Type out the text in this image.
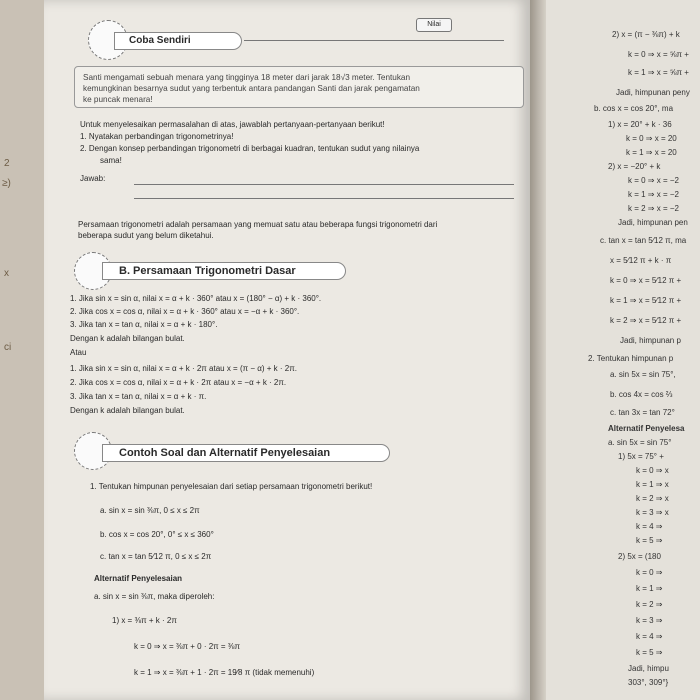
2
≥)
x
ci
Coba Sendiri
Nilai
Santi mengamati sebuah menara yang tingginya 18 meter dari jarak 18√3 meter. Tentukan
kemungkinan besarnya sudut yang terbentuk antara pandangan Santi dan jarak pengamatan
ke puncak menara!
Untuk menyelesaikan permasalahan di atas, jawablah pertanyaan-pertanyaan berikut!
1. Nyatakan perbandingan trigonometrinya!
2. Dengan konsep perbandingan trigonometri di berbagai kuadran, tentukan sudut yang nilainya
sama!
Jawab:
Persamaan trigonometri adalah persamaan yang memuat satu atau beberapa fungsi trigonometri dari
beberapa sudut yang belum diketahui.
B. Persamaan Trigonometri Dasar
1. Jika sin x = sin α, nilai x = α + k · 360° atau x = (180° − α) + k · 360°.
2. Jika cos x = cos α, nilai x = α + k · 360° atau x = −α + k · 360°.
3. Jika tan x = tan α, nilai x = α + k · 180°.
Dengan k adalah bilangan bulat.
Atau
1. Jika sin x = sin α, nilai x = α + k · 2π atau x = (π − α) + k · 2π.
2. Jika cos x = cos α, nilai x = α + k · 2π atau x = −α + k · 2π.
3. Jika tan x = tan α, nilai x = α + k · π.
Dengan k adalah bilangan bulat.
Contoh Soal dan Alternatif Penyelesaian
1. Tentukan himpunan penyelesaian dari setiap persamaan trigonometri berikut!
a. sin x = sin ⅜π, 0 ≤ x ≤ 2π
b. cos x = cos 20°, 0° ≤ x ≤ 360°
c. tan x = tan 5⁄12 π, 0 ≤ x ≤ 2π
Alternatif Penyelesaian
a. sin x = sin ⅜π, maka diperoleh:
1) x = ⅜π + k · 2π
k = 0 ⇒ x = ⅜π + 0 · 2π = ⅜π
k = 1 ⇒ x = ⅜π + 1 · 2π = 19⁄8 π (tidak memenuhi)
2) x = (π − ⅜π) + k
k = 0 ⇒ x = ⅝π +
k = 1 ⇒ x = ⅝π +
Jadi, himpunan peny
b. cos x = cos 20°, ma
1) x = 20° + k · 36
k = 0 ⇒ x = 20
k = 1 ⇒ x = 20
2) x = −20° + k
k = 0 ⇒ x = −2
k = 1 ⇒ x = −2
k = 2 ⇒ x = −2
Jadi, himpunan pen
c. tan x = tan 5⁄12 π, ma
x = 5⁄12 π + k · π
k = 0 ⇒ x = 5⁄12 π +
k = 1 ⇒ x = 5⁄12 π +
k = 2 ⇒ x = 5⁄12 π +
Jadi, himpunan p
2. Tentukan himpunan p
a. sin 5x = sin 75°,
b. cos 4x = cos ⅔
c. tan 3x = tan 72°
Alternatif Penyelesa
a. sin 5x = sin 75°
1) 5x = 75° +
k = 0 ⇒ x
k = 1 ⇒ x
k = 2 ⇒ x
k = 3 ⇒ x
k = 4 ⇒
k = 5 ⇒
2) 5x = (180
k = 0 ⇒
k = 1 ⇒
k = 2 ⇒
k = 3 ⇒
k = 4 ⇒
k = 5 ⇒
Jadi, himpu
303°, 309°}
